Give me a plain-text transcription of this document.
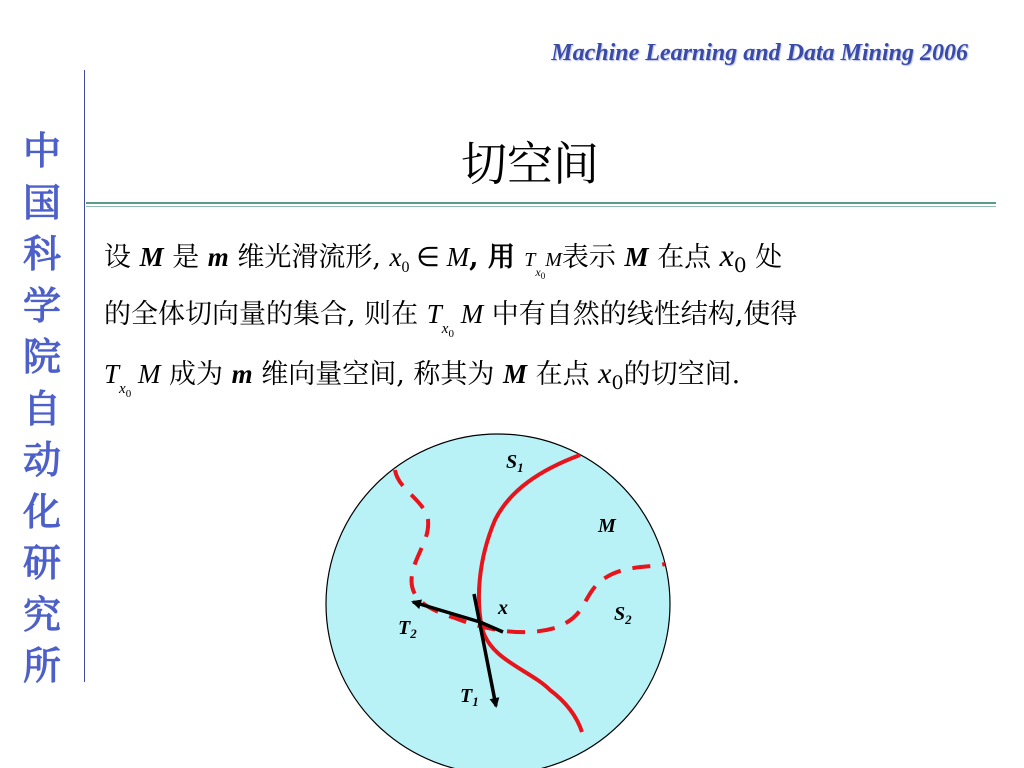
Machine Learning and Data Mining 2006
中
国
科
学
院
自
动
化
研
究
所
切空间
设 M 是 m 维光滑流形, $x_0$ ∈ M, 用 $T_{x0}M$表示 M 在点 $x_0$ 处
的全体切向量的集合, 则在 $T_{x0}$ M 中有自然的线性结构,使得
$T_{x0}$ M 成为 m 维向量空间, 称其为 M 在点 $x_0$的切空间.
$S_1$
M
x	$S_2$
$T_2$
$T_1$
